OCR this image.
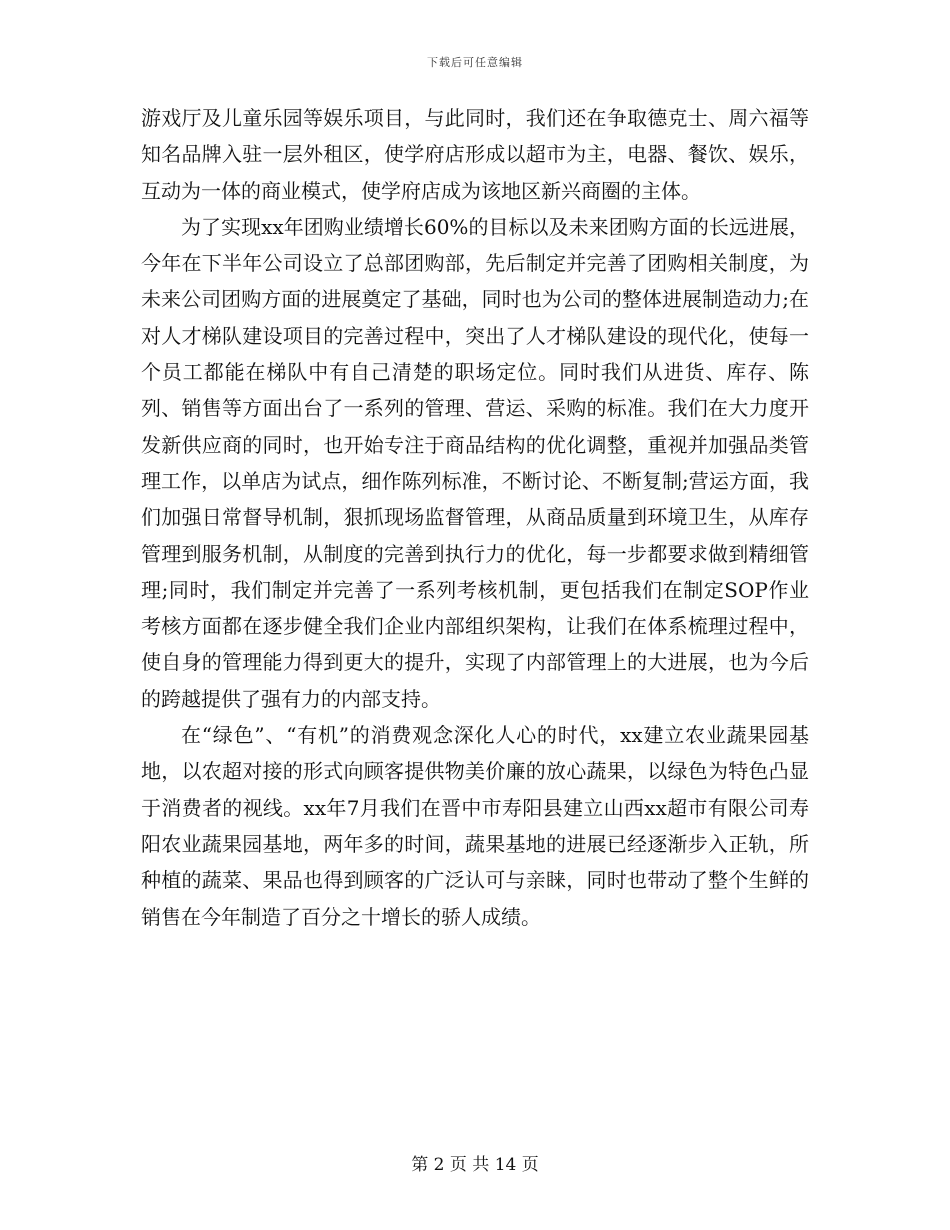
下载后可任意编辑

游戏厅及儿童乐园等娱乐项目，与此同时，我们还在争取德克士、周六福等知名品牌入驻一层外租区，使学府店形成以超市为主，电器、餐饮、娱乐，互动为一体的商业模式，使学府店成为该地区新兴商圈的主体。

为了实现xx年团购业绩增长60%的目标以及未来团购方面的长远进展，今年在下半年公司设立了总部团购部，先后制定并完善了团购相关制度，为未来公司团购方面的进展奠定了基础，同时也为公司的整体进展制造动力;在对人才梯队建设项目的完善过程中，突出了人才梯队建设的现代化，使每一个员工都能在梯队中有自己清楚的职场定位。同时我们从进货、库存、陈列、销售等方面出台了一系列的管理、营运、采购的标准。我们在大力度开发新供应商的同时，也开始专注于商品结构的优化调整，重视并加强品类管理工作，以单店为试点，细作陈列标准，不断讨论、不断复制;营运方面，我们加强日常督导机制，狠抓现场监督管理，从商品质量到环境卫生，从库存管理到服务机制，从制度的完善到执行力的优化，每一步都要求做到精细管理;同时，我们制定并完善了一系列考核机制，更包括我们在制定SOP作业考核方面都在逐步健全我们企业内部组织架构，让我们在体系梳理过程中，使自身的管理能力得到更大的提升，实现了内部管理上的大进展，也为今后的跨越提供了强有力的内部支持。

在“绿色”、“有机”的消费观念深化人心的时代，xx建立农业蔬果园基地，以农超对接的形式向顾客提供物美价廉的放心蔬果，以绿色为特色凸显于消费者的视线。xx年7月我们在晋中市寿阳县建立山西xx超市有限公司寿阳农业蔬果园基地，两年多的时间，蔬果基地的进展已经逐渐步入正轨，所种植的蔬菜、果品也得到顾客的广泛认可与亲睐，同时也带动了整个生鲜的销售在今年制造了百分之十增长的骄人成绩。

第 2 页 共 14 页
